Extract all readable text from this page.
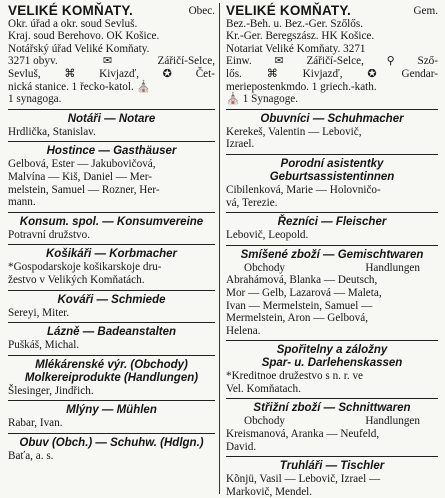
VELIKÉ KOMŇATY.	Obec.
Okr. úřad a okr. soud Sevluš.
Kraj. soud Berehovo. OK Košice.
Notářský úřad Veliké Komňaty.
3271 obyv.	✉	Zářičí-Selce,
Sevluš, ⌘ Kivjazď, ✪ Čet-
nická stanice. 1 řecko-katol. ⛪
1 synagoga.
Notáři — Notare
Hrdlička, Stanislav.
Hostince — Gasthäuser
Gelbová, Ester — Jakubovičová,
Malvína — Kiš, Daniel — Mer-
melstein, Samuel — Rozner, Her-
mann.
Konsum. spol. — Konsumvereine
Potravní družstvo.
Košikáři — Korbmacher
*Gospodarskoje košikarskoje dru-
žestvo v Velikých Komňatách.
Kováři — Schmiede
Sereyi, Miter.
Lázně — Badeanstalten
Puškáš, Michal.
Mlékárenské výr. (Obchody)
Molkereiprodukte (Handlungen)
Šlesinger, Jindřich.
Mlýny — Mühlen
Rabar, Ivan.
Obuv (Obch.) — Schuhw. (Hdlgn.)
Baťa, a. s.
VELIKÉ KOMŇATY.	Gem.
Bez.-Beh. u. Bez.-Ger. Szőlős.
Kr.-Ger. Beregszász. HK Košice.
Notariat Veliké Komňaty. 3271
Einw. ✉ Zářičí-Selce, ⚲ Sző-
lős. ⌘ Kivjazď, ✪ Gendar-
meriepostenkmdo. 1 griech.-kath.
⛪ 1 Synagoge.
Obuvníci — Schuhmacher
Kerekeš, Valentin — Lebovič,
Izrael.
Porodní asistentky
Geburtsassistentinnen
Cibilenková, Marie — Holovničo-
vá, Terezie.
Řezníci — Fleischer
Lebovič, Leopold.
Smíšené zboží — Gemischtwaren
Obchody	Handlungen
Abrahámová, Blanka — Deutsch,
Mor — Gelb, Lazarová — Maleta,
Ivan — Mermelstein, Samuel —
Mermelstein, Aron — Gelbová,
Helena.
Spořitelny a záložny
Spar- u. Darlehenskassen
*Kreditnoe družestvo s n. r. ve
Vel. Komňatach.
Střižní zboží — Schnittwaren
Obchody	Handlungen
Kreismanová, Aranka — Neufeld,
David.
Truhláři — Tischler
Kõnjü, Vasil — Lebovič, Izrael —
Markovič, Mendel.
